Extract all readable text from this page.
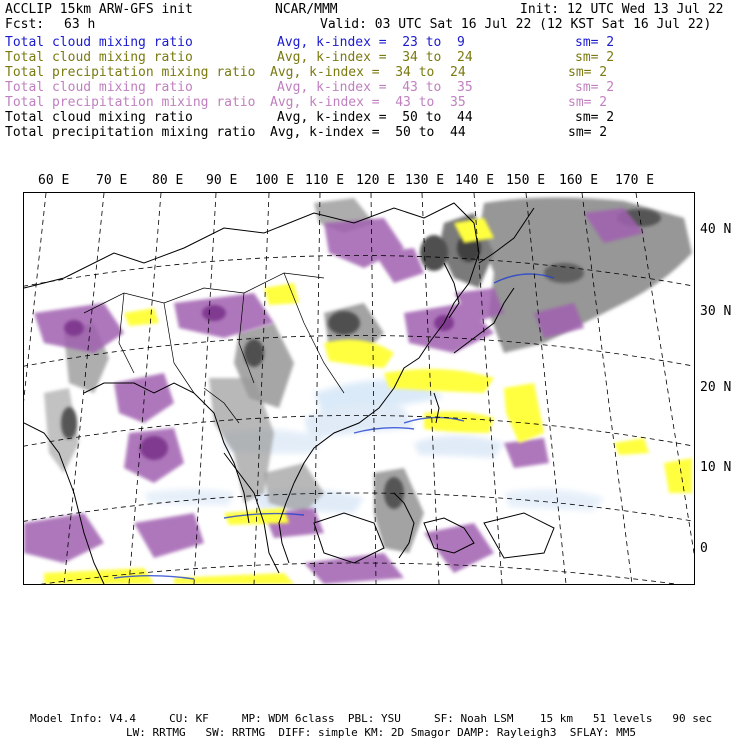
ACCLIP 15km ARW-GFS init	NCAR/MMM	Init: 12 UTC Wed 13 Jul 22
Fcst: 63 h	Valid: 03 UTC Sat 16 Jul 22 (12 KST Sat 16 Jul 22)
Total cloud mixing ratio	Avg, k-index =  23 to  9	sm= 2
Total cloud mixing ratio	Avg, k-index =  34 to  24	sm= 2
Total precipitation mixing ratio Avg, k-index =  34 to  24	sm= 2
Total cloud mixing ratio	Avg, k-index =  43 to  35	sm= 2
Total precipitation mixing ratio Avg, k-index =  43 to  35	sm= 2
Total cloud mixing ratio	Avg, k-index =  50 to  44	sm= 2
Total precipitation mixing ratio Avg, k-index =  50 to  44	sm= 2
60 E 70 E 80 E 90 E 100 E 110 E 120 E 130 E 140 E 150 E 160 E 170 E
40 N
30 N
20 N
10 N
0
Model Info: V4.4     CU: KF     MP: WDM 6class  PBL: YSU     SF: Noah LSM    15 km   51 levels   90 sec
LW: RRTMG   SW: RRTMG  DIFF: simple KM: 2D Smagor DAMP: Rayleigh3  SFLAY: MM5
